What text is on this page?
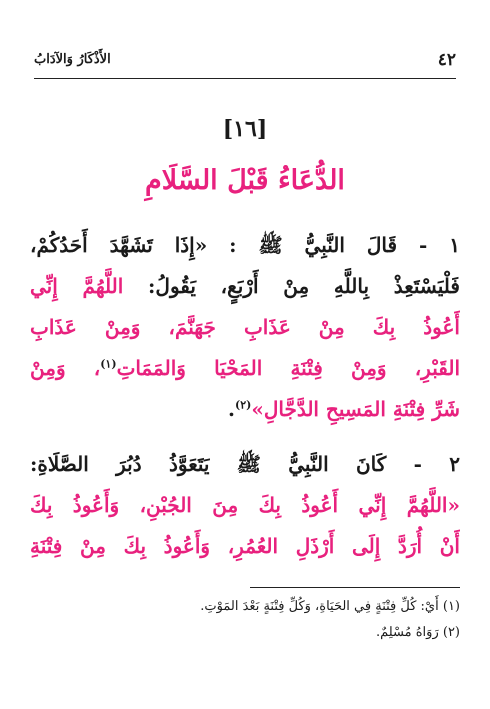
٤٢
الأَذْكَارُ وَالآدَابُ
[١٦]
الدُّعَاءُ قَبْلَ السَّلَامِ
١ - قَالَ النَّبِيُّ ﷺ : «إِذَا تَشَهَّدَ أَحَدُكُمْ،
فَلْيَسْتَعِذْ بِاللَّهِ مِنْ أَرْبَعٍ، يَقُولُ: اللَّهُمَّ إِنِّي
أَعُوذُ بِكَ مِنْ عَذَابِ جَهَنَّمَ، وَمِنْ عَذَابِ
القَبْرِ، وَمِنْ فِتْنَةِ المَحْيَا وَالمَمَاتِ$^{(١)}$، وَمِنْ
شَرِّ فِتْنَةِ المَسِيحِ الدَّجَّالِ»$^{(٢)}$.
٢ - كَانَ النَّبِيُّ ﷺ يَتَعَوَّذُ دُبُرَ الصَّلَاةِ:
«اللَّهُمَّ إِنِّي أَعُوذُ بِكَ مِنَ الجُبْنِ، وَأَعُوذُ بِكَ
أَنْ أُرَدَّ إِلَى أَرْذَلِ العُمُرِ، وَأَعُوذُ بِكَ مِنْ فِتْنَةِ
(١) أَيْ: كُلِّ فِتْنَةٍ فِي الحَيَاةِ، وَكُلِّ فِتْنَةٍ بَعْدَ المَوْتِ.
(٢) رَوَاهُ مُسْلِمٌ.
